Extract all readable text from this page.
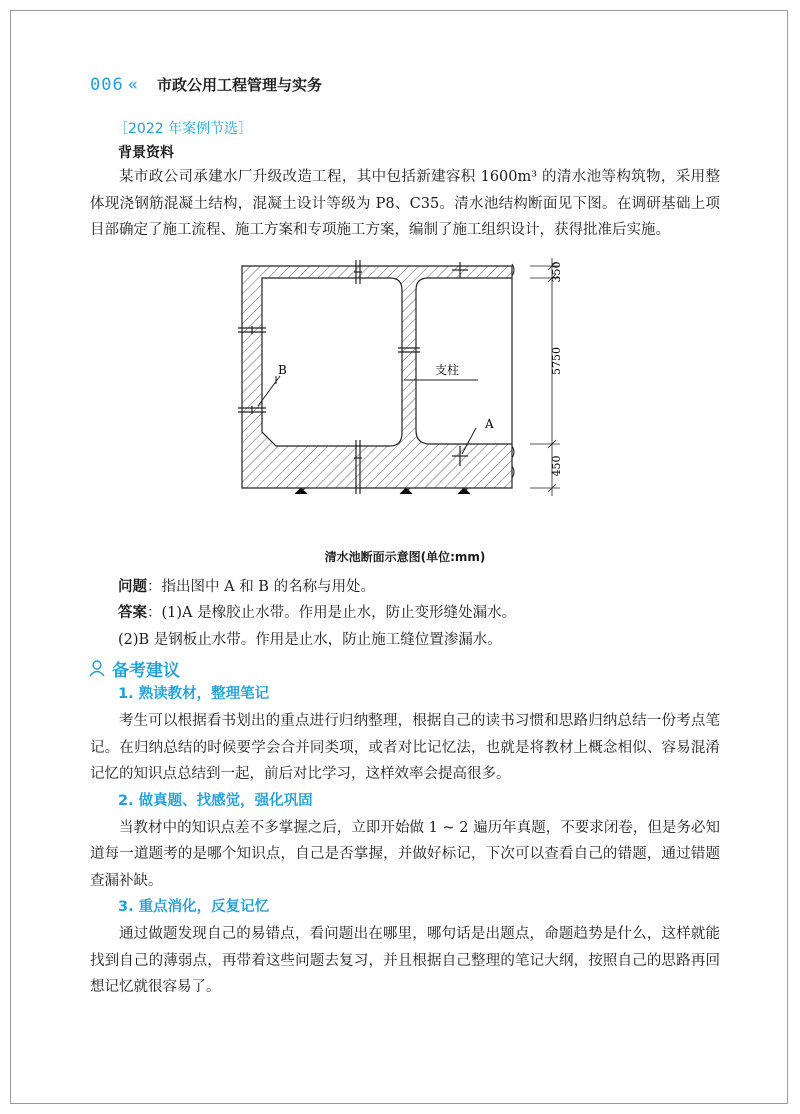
006 « 市政公用工程管理与实务
［2022 年案例节选］
背景资料

某市政公司承建水厂升级改造工程，其中包括新建容积 1600m³ 的清水池等构筑物，采用整体现浇钢筋混凝土结构，混凝土设计等级为 P8、C35。清水池结构断面见下图。在调研基础上项目部确定了施工流程、施工方案和专项施工方案，编制了施工组织设计，获得批准后实施。

支柱
B
A
350
5750
450
清水池断面示意图(单位:mm)
问题：指出图中 A 和 B 的名称与用处。
答案：(1)A 是橡胶止水带。作用是止水，防止变形缝处漏水。
(2)B 是钢板止水带。作用是止水，防止施工缝位置渗漏水。
备考建议
1. 熟读教材，整理笔记

考生可以根据看书划出的重点进行归纳整理，根据自己的读书习惯和思路归纳总结一份考点笔记。在归纳总结的时候要学会合并同类项，或者对比记忆法，也就是将教材上概念相似、容易混淆记忆的知识点总结到一起，前后对比学习，这样效率会提高很多。

2. 做真题、找感觉，强化巩固

当教材中的知识点差不多掌握之后，立即开始做 1 ~ 2 遍历年真题，不要求闭卷，但是务必知道每一道题考的是哪个知识点，自己是否掌握，并做好标记，下次可以查看自己的错题，通过错题查漏补缺。

3. 重点消化，反复记忆

通过做题发现自己的易错点，看问题出在哪里，哪句话是出题点，命题趋势是什么，这样就能找到自己的薄弱点，再带着这些问题去复习，并且根据自己整理的笔记大纲，按照自己的思路再回想记忆就很容易了。
